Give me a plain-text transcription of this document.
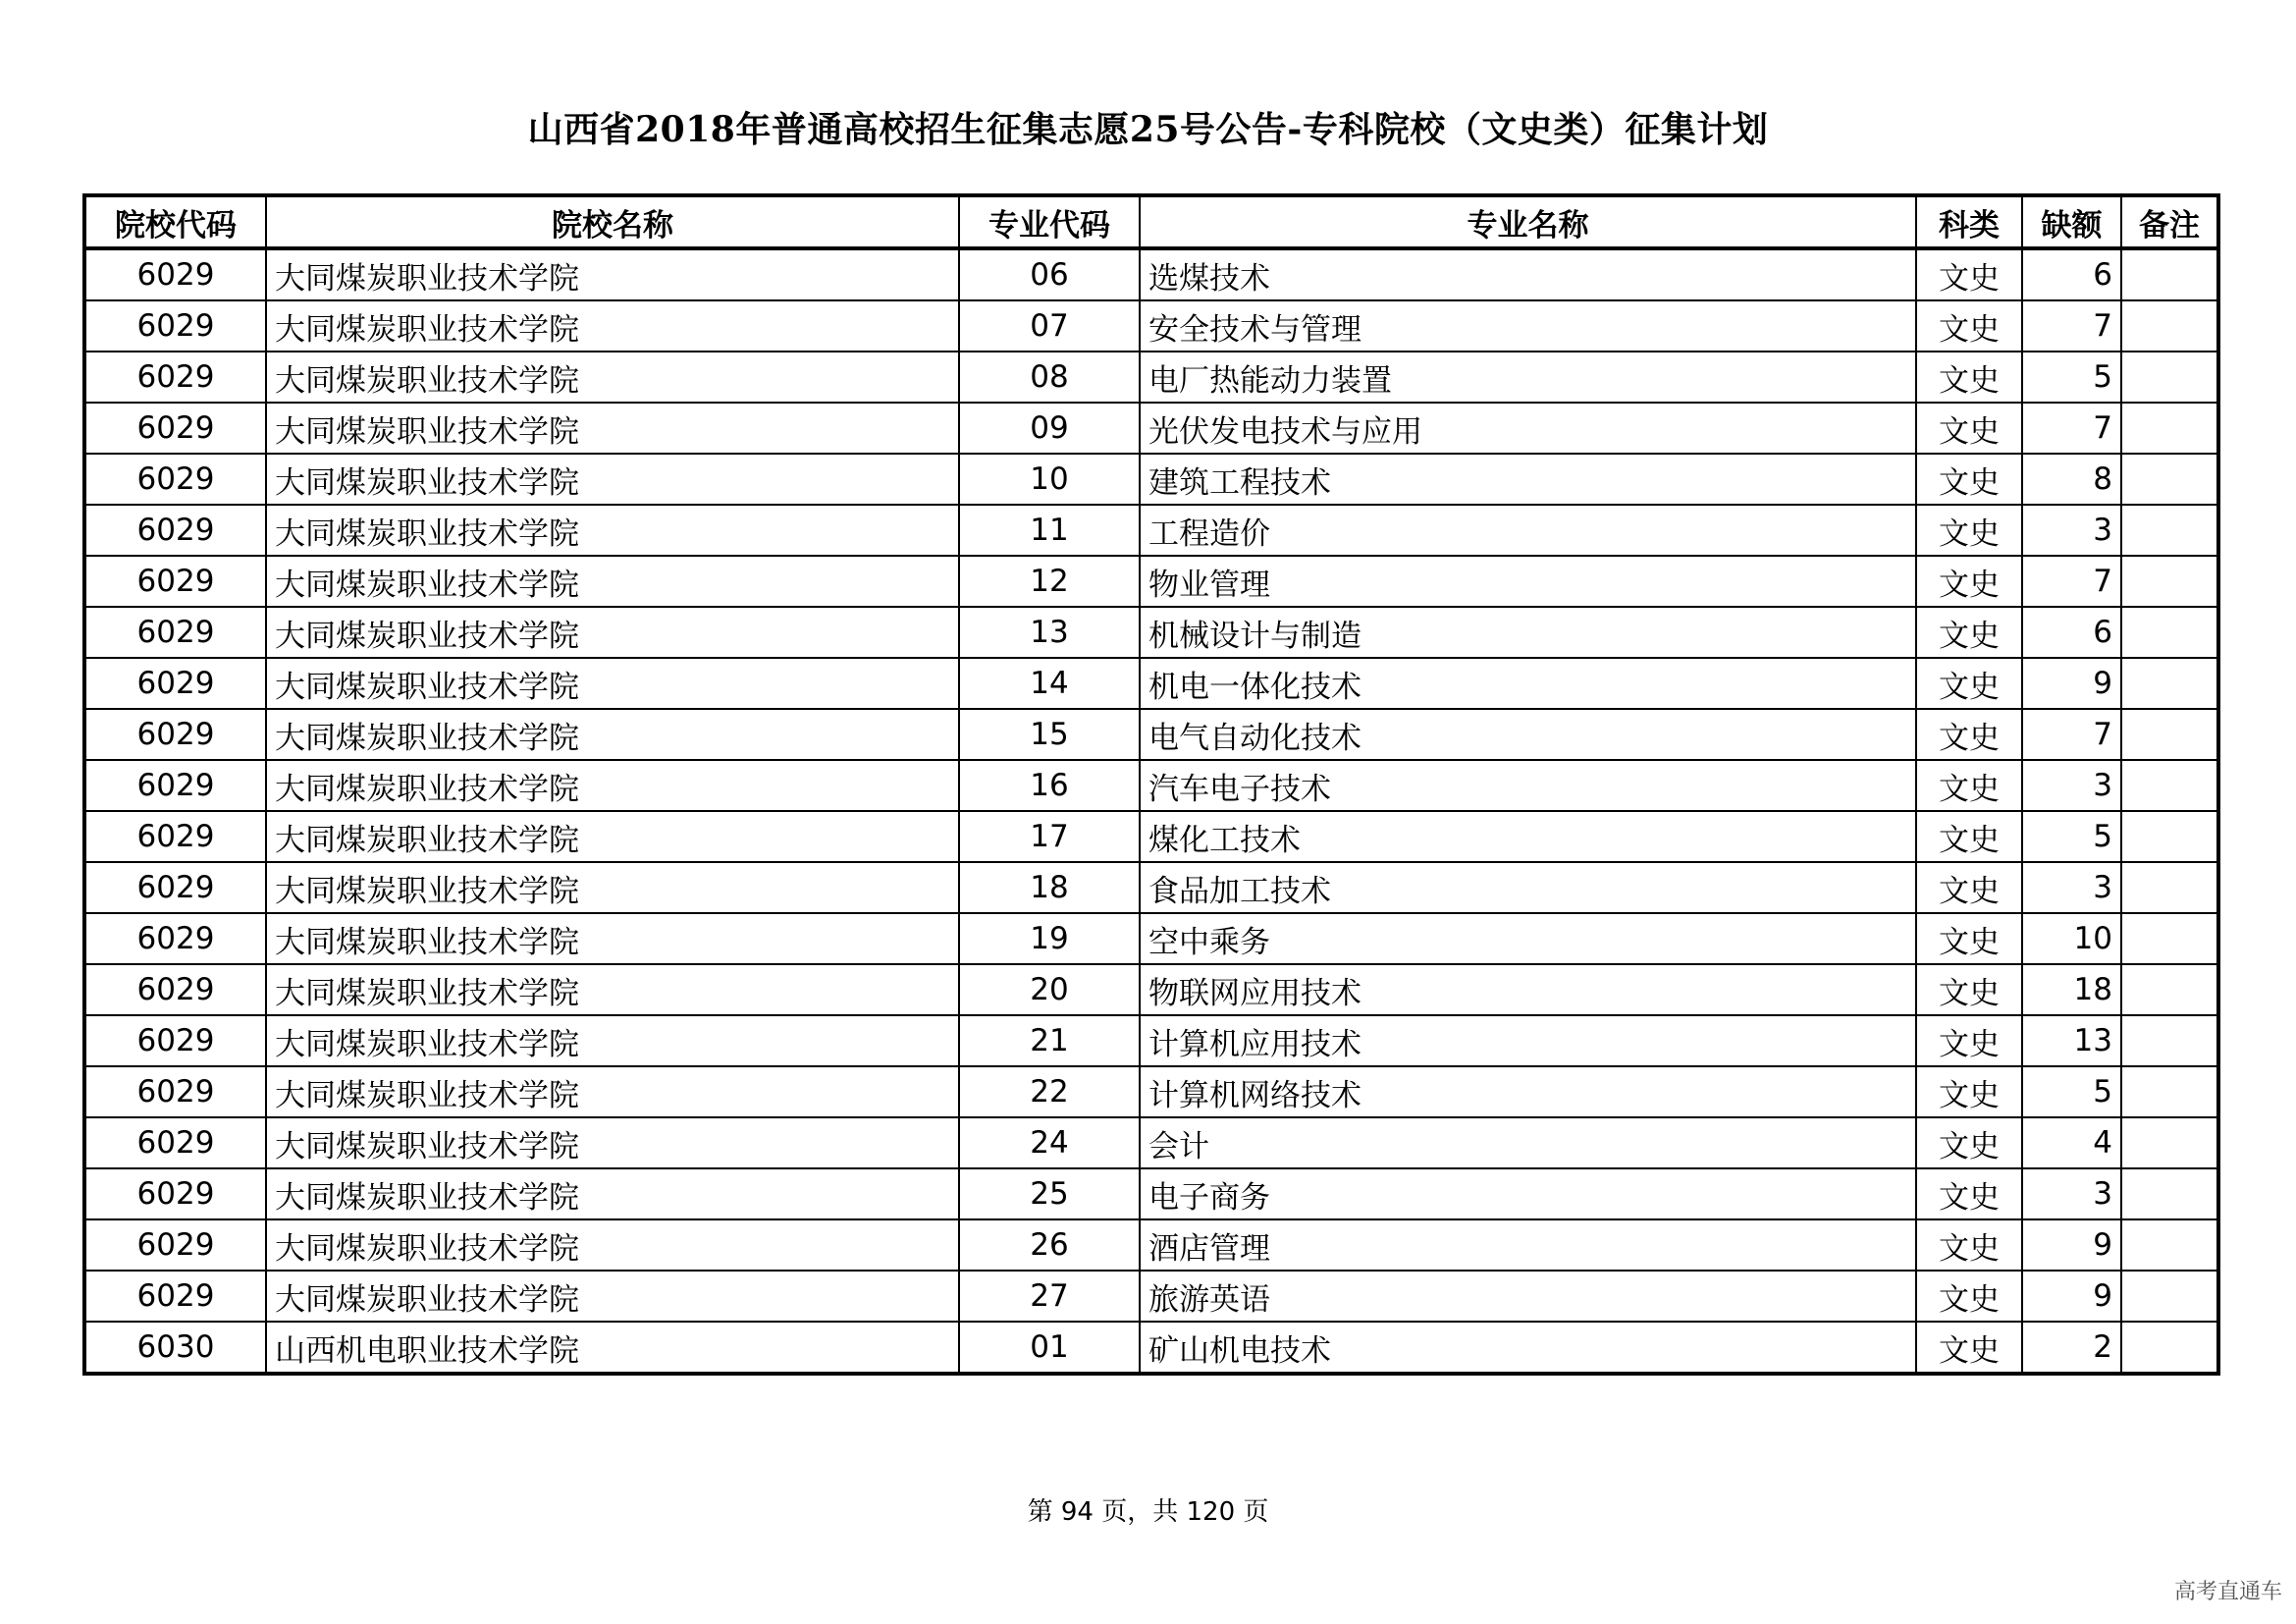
山西省2018年普通高校招生征集志愿25号公告-专科院校（文史类）征集计划
院校代码	院校名称	专业代码	专业名称	科类	缺额	备注
6029	大同煤炭职业技术学院	06	选煤技术	文史	6	
6029	大同煤炭职业技术学院	07	安全技术与管理	文史	7	
6029	大同煤炭职业技术学院	08	电厂热能动力装置	文史	5	
6029	大同煤炭职业技术学院	09	光伏发电技术与应用	文史	7	
6029	大同煤炭职业技术学院	10	建筑工程技术	文史	8	
6029	大同煤炭职业技术学院	11	工程造价	文史	3	
6029	大同煤炭职业技术学院	12	物业管理	文史	7	
6029	大同煤炭职业技术学院	13	机械设计与制造	文史	6	
6029	大同煤炭职业技术学院	14	机电一体化技术	文史	9	
6029	大同煤炭职业技术学院	15	电气自动化技术	文史	7	
6029	大同煤炭职业技术学院	16	汽车电子技术	文史	3	
6029	大同煤炭职业技术学院	17	煤化工技术	文史	5	
6029	大同煤炭职业技术学院	18	食品加工技术	文史	3	
6029	大同煤炭职业技术学院	19	空中乘务	文史	10	
6029	大同煤炭职业技术学院	20	物联网应用技术	文史	18	
6029	大同煤炭职业技术学院	21	计算机应用技术	文史	13	
6029	大同煤炭职业技术学院	22	计算机网络技术	文史	5	
6029	大同煤炭职业技术学院	24	会计	文史	4	
6029	大同煤炭职业技术学院	25	电子商务	文史	3	
6029	大同煤炭职业技术学院	26	酒店管理	文史	9	
6029	大同煤炭职业技术学院	27	旅游英语	文史	9	
6030	山西机电职业技术学院	01	矿山机电技术	文史	2	
第 94 页，共 120 页
高考直通车
